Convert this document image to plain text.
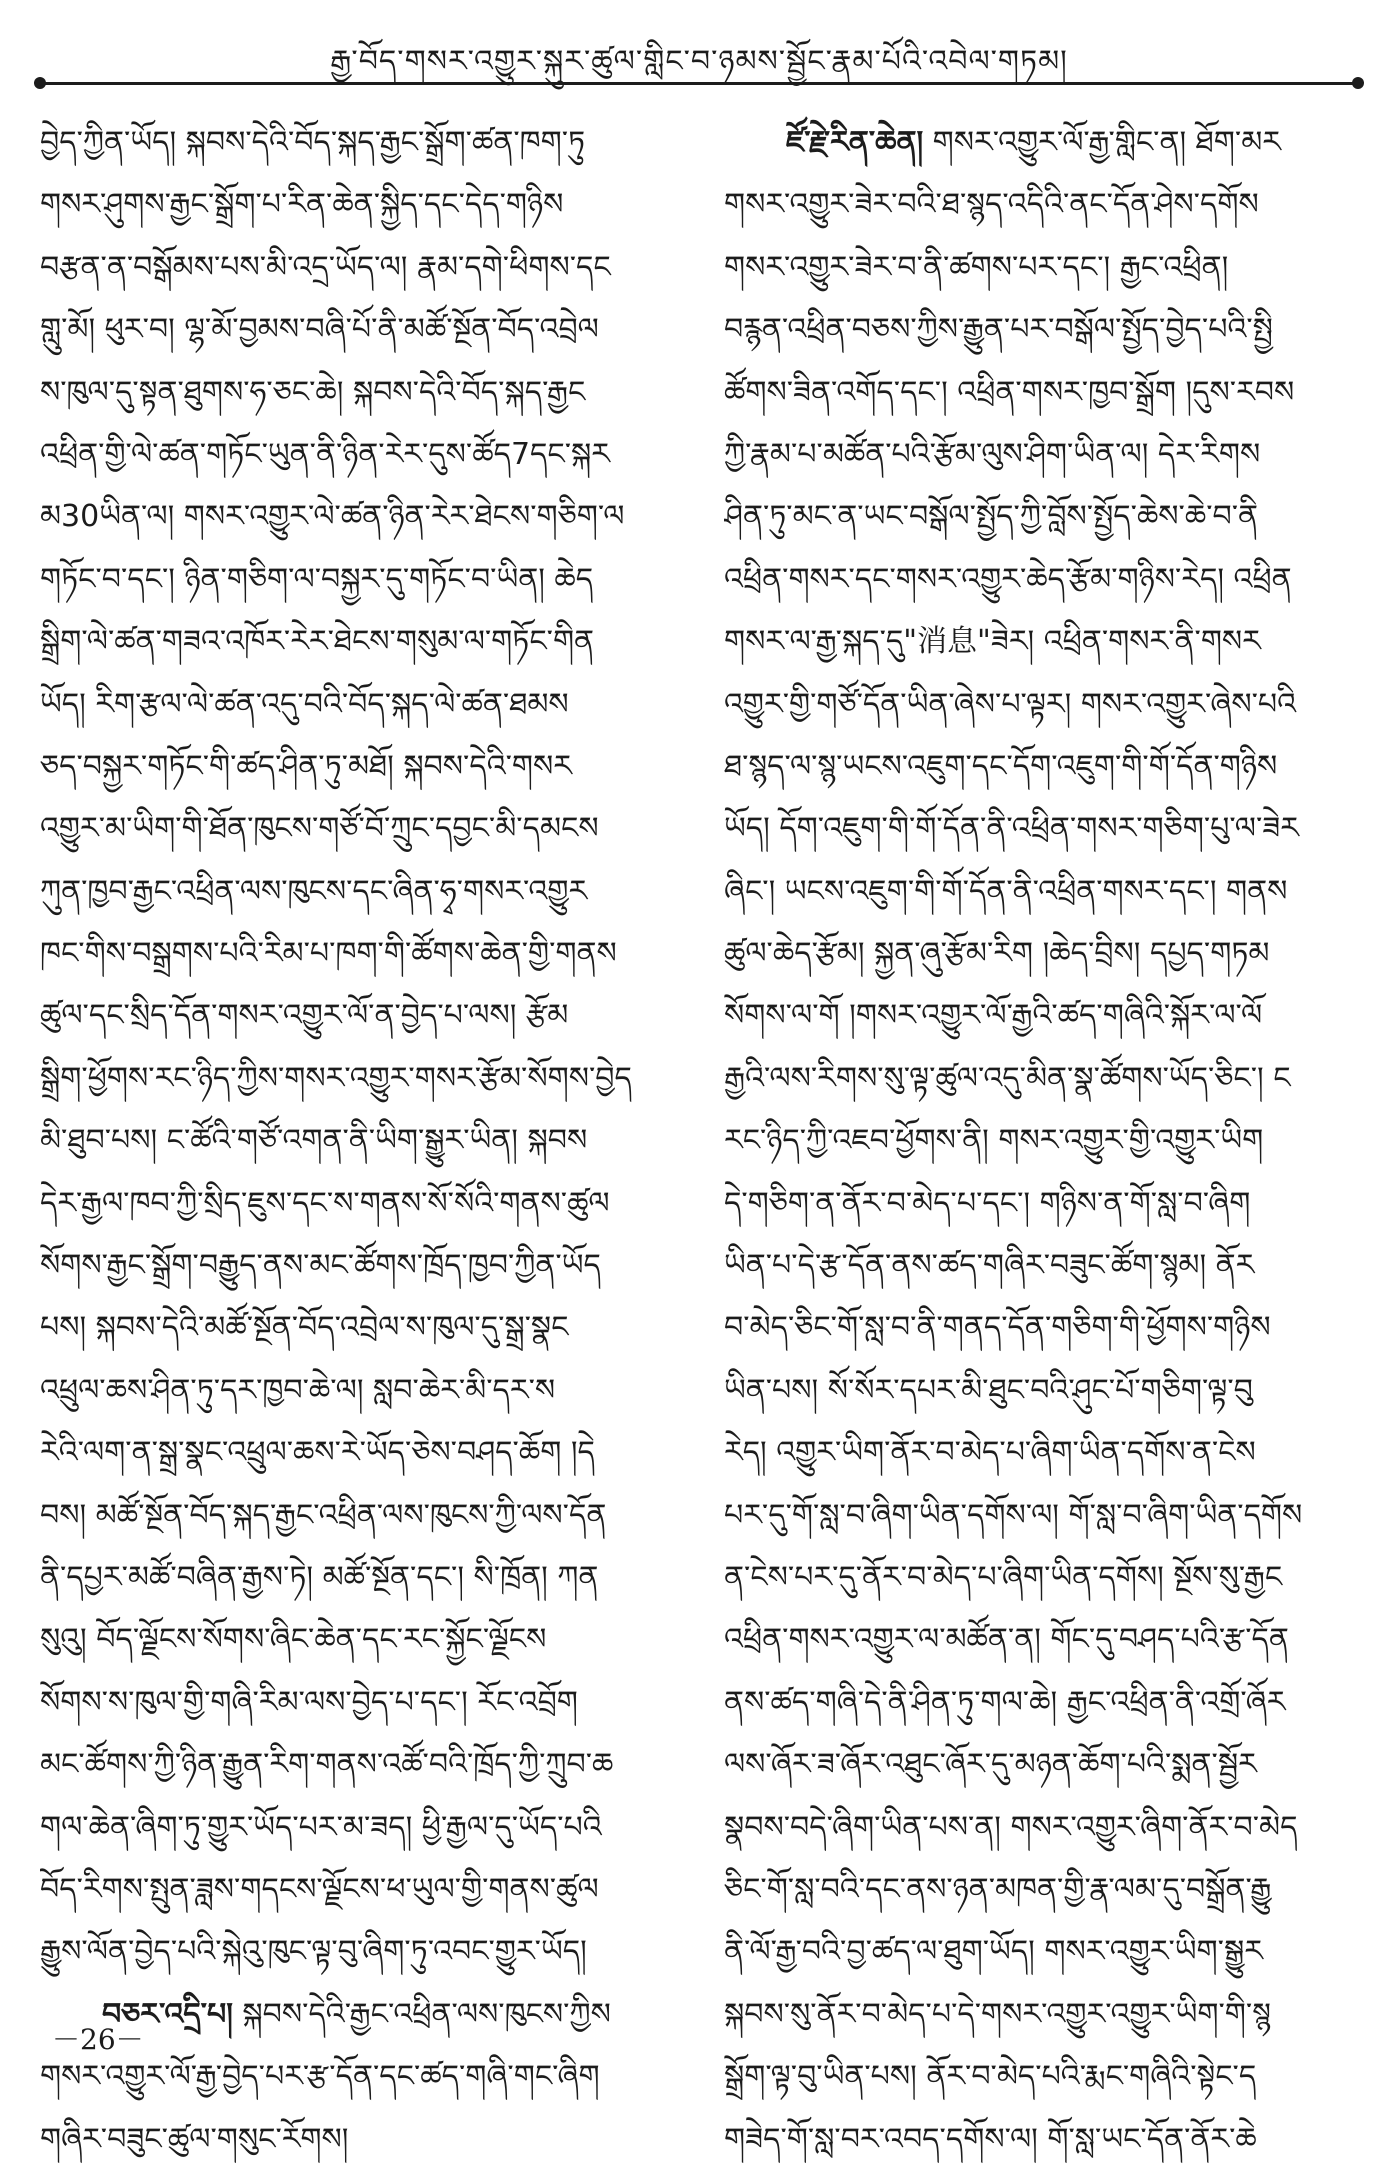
རྒྱ་བོད་གསར་འགྱུར་སྐུར་ཚུལ་གླིང་བ་ཉམས་སྦྱོང་རྣམ་པོའི་འབེལ་གཏམ།
བྱེད་ཀྱིན་ཡོད། སྐབས་དེའི་བོད་སྐད་རྒྱང་སྒྲོག་ཚན་ཁག་ཏུ
གསར་ཤུགས་རྒྱང་སྒྲོག་པ་རིན་ཆེན་སྐྱིད་དང་དེད་གཉིས
བརྩན་ན་བསྒོམས་པས་མི་འདྲ་ཡོད་ལ། རྣམ་དགེ་ཕིགས་དང
གླུ་མོ། ཕུར་བ། ལྷ་མོ་བྱམས་བཞི་པོ་ནི་མཚོ་སྔོན་བོད་འབྲེལ
ས་ཁུལ་དུ་སྟན་ཐུགས་ཧ་ཅང་ཆེ། སྐབས་དེའི་བོད་སྐད་རྒྱང
འཕྲིན་གྱི་ལེ་ཚན་གཏོང་ཡུན་ནི་ཉིན་རེར་དུས་ཚོད7དང་སྐར
མ30ཡིན་ལ། གསར་འགྱུར་ལེ་ཚན་ཉིན་རེར་ཐེངས་གཅིག་ལ
གཏོང་བ་དང་། ཉིན་གཅིག་ལ་བསྐྱར་དུ་གཏོང་བ་ཡིན། ཆེད
སྒྲིག་ལེ་ཚན་གཟའ་འཁོར་རེར་ཐེངས་གསུམ་ལ་གཏོང་གིན
ཡོད། རིག་རྩལ་ལེ་ཚན་འདུ་བའི་བོད་སྐད་ལེ་ཚན་ཐམས
ཅད་བསྐྱར་གཏོང་གི་ཚད་ཤིན་ཏུ་མཐོ། སྐབས་དེའི་གསར
འགྱུར་མ་ཡིག་གི་ཐོན་ཁུངས་གཙོ་བོ་ཀྲུང་དབྱང་མི་དམངས
ཀུན་ཁྱབ་རྒྱང་འཕྲིན་ལས་ཁུངས་དང་ཞིན་ཧྭ་གསར་འགྱུར
ཁང་གིས་བསྒྲགས་པའི་རིམ་པ་ཁག་གི་ཚོགས་ཆེན་གྱི་གནས
ཚུལ་དང་སྲིད་དོན་གསར་འགྱུར་ལོ་ན་བྱེད་པ་ལས། རྩོམ
སྒྲིག་ཕྱོགས་རང་ཉིད་ཀྱིས་གསར་འགྱུར་གསར་རྩོམ་སོགས་བྱེད
མི་ཐུབ་པས། ང་ཚོའི་གཙོ་འགན་ནི་ཡིག་སྒྱུར་ཡིན། སྐབས
དེར་རྒྱལ་ཁབ་ཀྱི་སྲིད་ཇུས་དང་ས་གནས་སོ་སོའི་གནས་ཚུལ
སོགས་རྒྱང་སྒྲོག་བརྒྱུད་ནས་མང་ཚོགས་ཁྲོད་ཁྱབ་ཀྱིན་ཡོད
པས། སྐབས་དེའི་མཚོ་སྔོན་བོད་འབྲེལ་ས་ཁུལ་དུ་སྒྲ་སྣང
འཕྲུལ་ཆས་ཤིན་ཏུ་དར་ཁྱབ་ཆེ་ལ། སླབ་ཆེར་མི་དར་ས
རེའི་ལག་ན་སྒྲ་སྣང་འཕྲུལ་ཆས་རེ་ཡོད་ཅེས་བཤད་ཆོག །དེ
བས། མཚོ་སྔོན་བོད་སྐད་རྒྱང་འཕྲིན་ལས་ཁུངས་ཀྱི་ལས་དོན
ནི་དཔྱར་མཚོ་བཞིན་རྒྱས་ཏེ། མཚོ་སྔོན་དང་། སི་ཁྲོན། ཀན
སུའུ། བོད་ལྗོངས་སོགས་ཞིང་ཆེན་དང་རང་སྐྱོང་ལྗོངས
སོགས་ས་ཁུལ་གྱི་གཞི་རིམ་ལས་བྱེད་པ་དང་། རོང་འབྲོག
མང་ཚོགས་ཀྱི་ཉིན་རྒྱུན་རིག་གནས་འཚོ་བའི་ཁྲོད་ཀྱི་ཀྲུབ་ཆ
གལ་ཆེན་ཞིག་ཏུ་གྱུར་ཡོད་པར་མ་ཟད། ཕྱི་རྒྱལ་དུ་ཡོད་པའི
བོད་རིགས་སྤུན་ཟླས་གདངས་ལྗོངས་ཕ་ཡུལ་གྱི་གནས་ཚུལ
རྒྱུས་ལོན་བྱེད་པའི་སྐེའུ་ཁུང་ལྟ་བུ་ཞིག་ཏུ་འབང་གྱུར་ཡོད།
བཅར་འདྲི་པ། སྐབས་དེའི་རྒྱང་འཕྲིན་ལས་ཁུངས་ཀྱིས
གསར་འགྱུར་ལོ་རྒྱ་བྱེད་པར་རྩ་དོན་དང་ཚད་གཞི་གང་ཞིག
གཞིར་བཟུང་ཚུལ་གསུང་རོགས།
ཛོ་རྗེ་རིན་ཆེན། གསར་འགྱུར་ལོ་རྒྱ་གླིང་ན། ཐོག་མར
གསར་འགྱུར་ཟེར་བའི་ཐ་སྙད་འདིའི་ནང་དོན་ཤེས་དགོས
གསར་འགྱུར་ཟེར་བ་ནི་ཚགས་པར་དང་། རྒྱང་འཕྲིན།
བརྙན་འཕྲིན་བཅས་ཀྱིས་རྒྱུན་པར་བསྒོལ་སྤྱོད་བྱེད་པའི་སྤྱི
ཚོགས་ཟིན་འགོད་དང་། འཕྲིན་གསར་ཁྱབ་སྒྲོག །དུས་རབས
ཀྱི་རྣམ་པ་མཚོན་པའི་རྩོམ་ལུས་ཤིག་ཡིན་ལ། དེར་རིགས
ཤིན་ཏུ་མང་ན་ཡང་བསྒོལ་སྤྱོད་ཀྱི་བློས་སྤྱོད་ཆེས་ཆེ་བ་ནི
འཕྲིན་གསར་དང་གསར་འགྱུར་ཆེད་རྩོམ་གཉིས་རེད། འཕྲིན
གསར་ལ་རྒྱ་སྐད་དུ"消息"ཟེར། འཕྲིན་གསར་ནི་གསར
འགྱུར་གྱི་གཙོ་དོན་ཡིན་ཞེས་པ་ལྟར། གསར་འགྱུར་ཞེས་པའི
ཐ་སྙད་ལ་སྙ་ཡངས་འཇུག་དང་དོག་འཇུག་གི་གོ་དོན་གཉིས
ཡོད། དོག་འཇུག་གི་གོ་དོན་ནི་འཕྲིན་གསར་གཅིག་པུ་ལ་ཟེར
ཞིང་། ཡངས་འཇུག་གི་གོ་དོན་ནི་འཕྲིན་གསར་དང་། གནས
ཚུལ་ཆེད་རྩོམ། སྐྱན་ཞུ་རྩོམ་རིག །ཆེད་བྲིས། དཔྱད་གཏམ
སོགས་ལ་གོ །གསར་འགྱུར་ལོ་རྒྱའི་ཚད་གཞིའི་སྐོར་ལ་ལོ
རྒྱའི་ལས་རིགས་སུ་ལྟ་ཚུལ་འདུ་མིན་སྣ་ཚོགས་ཡོད་ཅིང་། ང
རང་ཉིད་ཀྱི་འཇབ་ཕྱོགས་ནི། གསར་འགྱུར་གྱི་འགྱུར་ཡིག
དེ་གཅིག་ན་ནོར་བ་མེད་པ་དང་། གཉིས་ན་གོ་སླ་བ་ཞིག
ཡིན་པ་དེ་རྩ་དོན་ནས་ཚད་གཞིར་བཟུང་ཚོག་སྙམ། ནོར
བ་མེད་ཅིང་གོ་སླ་བ་ནི་གནད་དོན་གཅིག་གི་ཕྱོགས་གཉིས
ཡིན་པས། སོ་སོར་དཔར་མི་ཐུང་བའི་ཤུང་པོ་གཅིག་ལྟ་བུ
རེད། འགྱུར་ཡིག་ནོར་བ་མེད་པ་ཞིག་ཡིན་དགོས་ན་ངེས
པར་དུ་གོ་སླ་བ་ཞིག་ཡིན་དགོས་ལ། གོ་སླ་བ་ཞིག་ཡིན་དགོས
ན་ངེས་པར་དུ་ནོར་བ་མེད་པ་ཞིག་ཡིན་དགོས། སྔོས་སུ་རྒྱང
འཕྲིན་གསར་འགྱུར་ལ་མཚོན་ན། གོང་དུ་བཤད་པའི་རྩ་དོན
ནས་ཚད་གཞི་དེ་ནི་ཤིན་ཏུ་གལ་ཆེ། རྒྱང་འཕྲིན་ནི་འགྲོ་ཞོར
ལས་ཞོར་ཟ་ཞོར་འཐུང་ཞོར་དུ་མཉན་ཆོག་པའི་སྨན་སྦྱོར
སྣབས་བདེ་ཞིག་ཡིན་པས་ན། གསར་འགྱུར་ཞིག་ནོར་བ་མེད
ཅིང་གོ་སླ་བའི་དང་ནས་ཉན་མཁན་གྱི་རྣ་ལམ་དུ་བསྒྲོན་རྒྱུ
ནི་ལོ་རྒྱ་བའི་བྱ་ཚད་ལ་ཐུག་ཡོད། གསར་འགྱུར་ཡིག་སྒྱུར
སྐབས་སུ་ནོར་བ་མེད་པ་དེ་གསར་འགྱུར་འགྱུར་ཡིག་གི་སྙ
སྒྲོག་ལྟ་བུ་ཡིན་པས། ནོར་བ་མེད་པའི་རྨང་གཞིའི་སྟེང་ད
གཟེད་གོ་སླ་བར་འབད་དགོས་ལ། གོ་སླ་ཡང་དོན་ནོར་ཆེ
－26－
